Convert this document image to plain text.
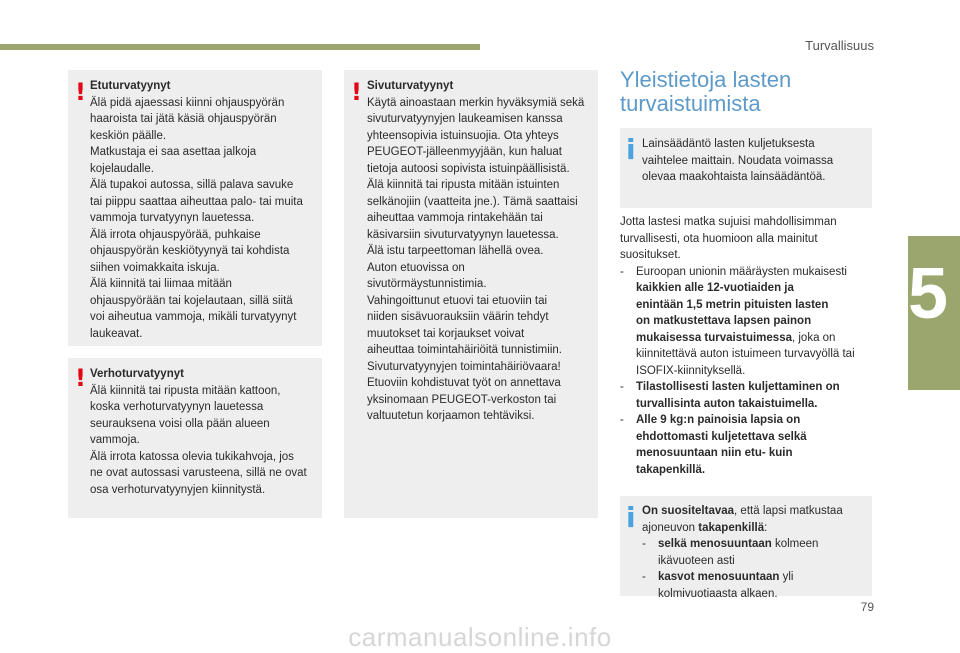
Turvallisuus
5
! Etuturvatyynyt

Älä pidä ajaessasi kiinni ohjauspyörän

haaroista tai jätä käsiä ohjauspyörän

keskiön päälle.

Matkustaja ei saa asettaa jalkoja

kojelaudalle.

Älä tupakoi autossa, sillä palava savuke

tai piippu saattaa aiheuttaa palo- tai muita

vammoja turvatyynyn lauetessa.

Älä irrota ohjauspyörää, puhkaise

ohjauspyörän keskiötyynyä tai kohdista

siihen voimakkaita iskuja.

Älä kiinnitä tai liimaa mitään

ohjauspyörään tai kojelautaan, sillä siitä

voi aiheutua vammoja, mikäli turvatyynyt

laukeavat.

! Verhoturvatyynyt

Älä kiinnitä tai ripusta mitään kattoon,

koska verhoturvatyynyn lauetessa

seurauksena voisi olla pään alueen

vammoja.

Älä irrota katossa olevia tukikahvoja, jos

ne ovat autossasi varusteena, sillä ne ovat

osa verhoturvatyynyjen kiinnitystä.

! Sivuturvatyynyt

Käytä ainoastaan merkin hyväksymiä sekä

sivuturvatyynyjen laukeamisen kanssa

yhteensopivia istuinsuojia. Ota yhteys

PEUGEOT-jälleenmyyjään, kun haluat

tietoja autoosi sopivista istuinpäällisistä.

Älä kiinnitä tai ripusta mitään istuinten

selkänojiin (vaatteita jne.). Tämä saattaisi

aiheuttaa vammoja rintakehään tai

käsivarsiin sivuturvatyynyn lauetessa.

Älä istu tarpeettoman lähellä ovea.

Auton etuovissa on

sivutörmäystunnistimia.

Vahingoittunut etuovi tai etuoviin tai

niiden sisävuorauksiin väärin tehdyt

muutokset tai korjaukset voivat

aiheuttaa toimintahäiriöitä tunnistimiin.

Sivuturvatyynyjen toimintahäiriövaara!

Etuoviin kohdistuvat työt on annettava

yksinomaan PEUGEOT-verkoston tai

valtuutetun korjaamon tehtäviksi.

Yleistietoja lasten
turvaistuimista
i Lainsäädäntö lasten kuljetuksesta

vaihtelee maittain. Noudata voimassa

olevaa maakohtaista lainsäädäntöä.

Jotta lastesi matka sujuisi mahdollisimman

turvallisesti, ota huomioon alla mainitut

suositukset.

- Euroopan unionin määräysten mukaisesti

kaikkien alle 12-vuotiaiden ja

enintään 1,5 metrin pituisten lasten

on matkustettava lapsen painon

mukaisessa turvaistuimessa, joka on

kiinnitettävä auton istuimeen turvavyöllä tai

ISOFIX-kiinnityksellä.

- Tilastollisesti lasten kuljettaminen on

turvallisinta auton takaistuimella.

- Alle 9 kg:n painoisia lapsia on

ehdottomasti kuljetettava selkä

menosuuntaan niin etu- kuin

takapenkillä.

i On suositeltavaa, että lapsi matkustaa

ajoneuvon takapenkillä:

- selkä menosuuntaan kolmeen

ikävuoteen asti

- kasvot menosuuntaan yli

kolmivuotiaasta alkaen.

79
carmanualsonline.info
